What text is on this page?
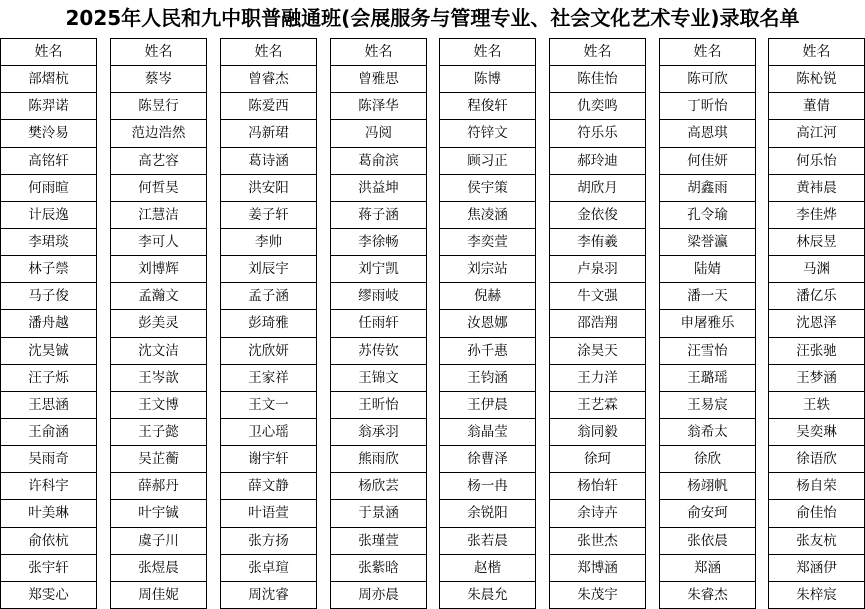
2025年人民和九中职普融通班(会展服务与管理专业、社会文化艺术专业)录取名单
姓名
部熠杭
陈羿诺
樊泠易
高铭轩
何雨暄
计辰逸
李珺琰
林子禜
马子俊
潘舟越
沈昊铖
汪子烁
王思涵
王俞涵
吴雨奇
许科宇
叶美琳
俞依杭
张宇轩
郑雯心
姓名
蔡岑
陈昱行
范边浩然
高艺容
何哲昊
江慧洁
李可人
刘博辉
孟瀚文
彭美灵
沈文洁
王岑歆
王文博
王子懿
吴芷蘅
薛郝丹
叶宇铖
虞子川
张煜晨
周佳妮
姓名
曾睿杰
陈爱西
冯新珺
葛诗涵
洪安阳
姜子轩
李帅
刘辰宇
孟子涵
彭琦雅
沈欣妍
王家祥
王文一
卫心瑶
谢宇轩
薛文静
叶语萱
张方扬
张卓瑄
周沈睿
姓名
曾雅思
陈泽华
冯阅
葛俞滨
洪益坤
蒋子涵
李徐畅
刘宁凯
缪雨岐
任雨轩
苏传钦
王锦文
王昕怡
翁承羽
熊雨欣
杨欣芸
于景涵
张瑾萱
张紫晗
周亦晨
姓名
陈博
程俊轩
符锌文
顾习正
侯宇策
焦凌涵
李奕萱
刘宗站
倪赫
汝恩娜
孙千惠
王钧涵
王伊晨
翁晶莹
徐曹泽
杨一冉
余锐阳
张若晨
赵楷
朱晨允
姓名
陈佳怡
仇奕鸣
符乐乐
郝玲迪
胡欣月
金依俊
李侑羲
卢泉羽
牛文强
邵浩翔
涂昊天
王力洋
王艺霖
翁同毅
徐珂
杨怡轩
余诗卉
张世杰
郑博涵
朱茂宇
姓名
陈可欣
丁昕怡
高恩琪
何佳妍
胡鑫雨
孔令瑜
梁誉瀛
陆婧
潘一天
申屠雅乐
汪雪怡
王璐瑶
王易宸
翁希太
徐欣
杨翊帆
俞安珂
张依晨
郑涵
朱睿杰
姓名
陈杺锐
董倩
高江河
何乐怡
黄袆晨
李佳烨
林辰昱
马渊
潘亿乐
沈恩泽
汪张驰
王梦涵
王轶
吴奕琳
徐语欣
杨自荣
俞佳怡
张友杭
郑涵伊
朱梓宸
